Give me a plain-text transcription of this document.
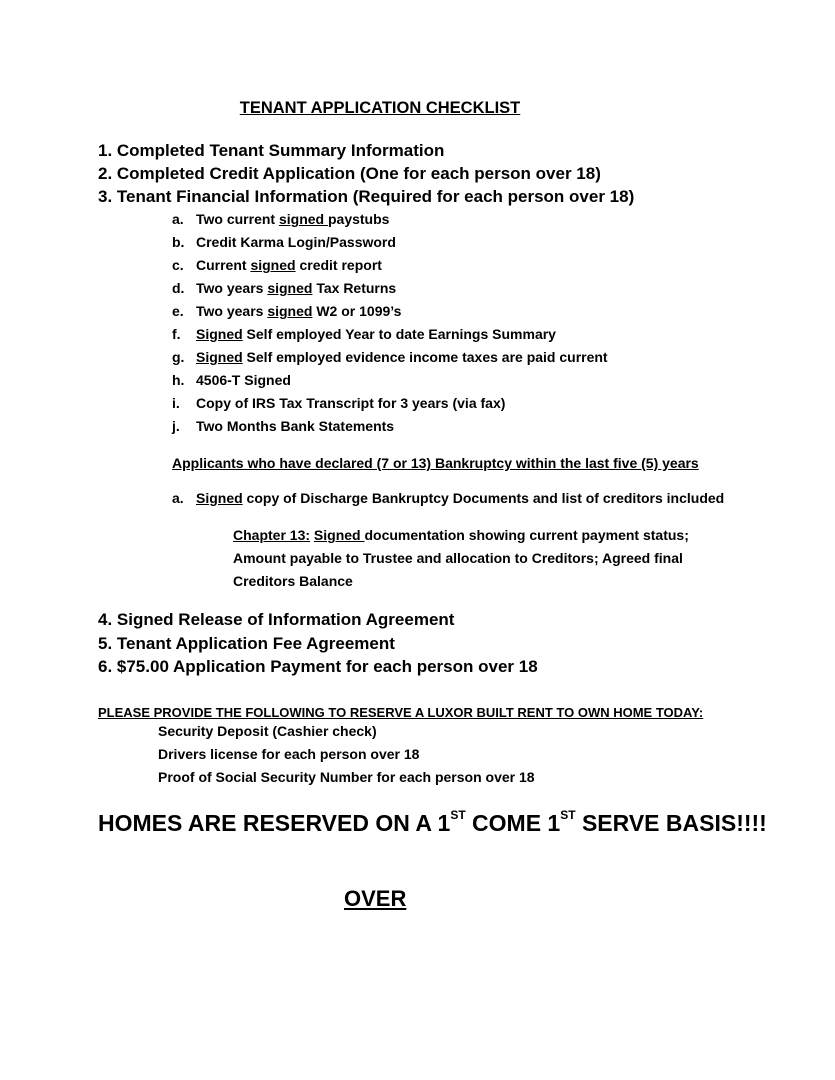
TENANT APPLICATION CHECKLIST
1. Completed Tenant Summary Information
2. Completed Credit Application (One for each person over 18)
3. Tenant Financial Information (Required for each person over 18)
a. Two current signed paystubs
b. Credit Karma Login/Password
c. Current signed credit report
d. Two years signed Tax Returns
e. Two years signed W2 or 1099’s
f.	Signed Self employed Year to date Earnings Summary
g. Signed Self employed evidence income taxes are paid current
h. 4506-T Signed
i.	Copy of IRS Tax Transcript for 3 years (via fax)
j.	Two Months Bank Statements
Applicants who have declared (7 or 13) Bankruptcy within the last five (5) years
a. Signed copy of Discharge Bankruptcy Documents and list of creditors included
Chapter 13: Signed documentation showing current payment status;
Amount payable to Trustee and allocation to Creditors; Agreed final
Creditors Balance
4. Signed Release of Information Agreement
5. Tenant Application Fee Agreement
6. $75.00 Application Payment for each person over 18
PLEASE PROVIDE THE FOLLOWING TO RESERVE A LUXOR BUILT RENT TO OWN HOME TODAY:
Security Deposit (Cashier check)
Drivers license for each person over 18
Proof of Social Security Number for each person over 18
HOMES ARE RESERVED ON A 1ST COME 1ST SERVE BASIS!!!!
OVER
